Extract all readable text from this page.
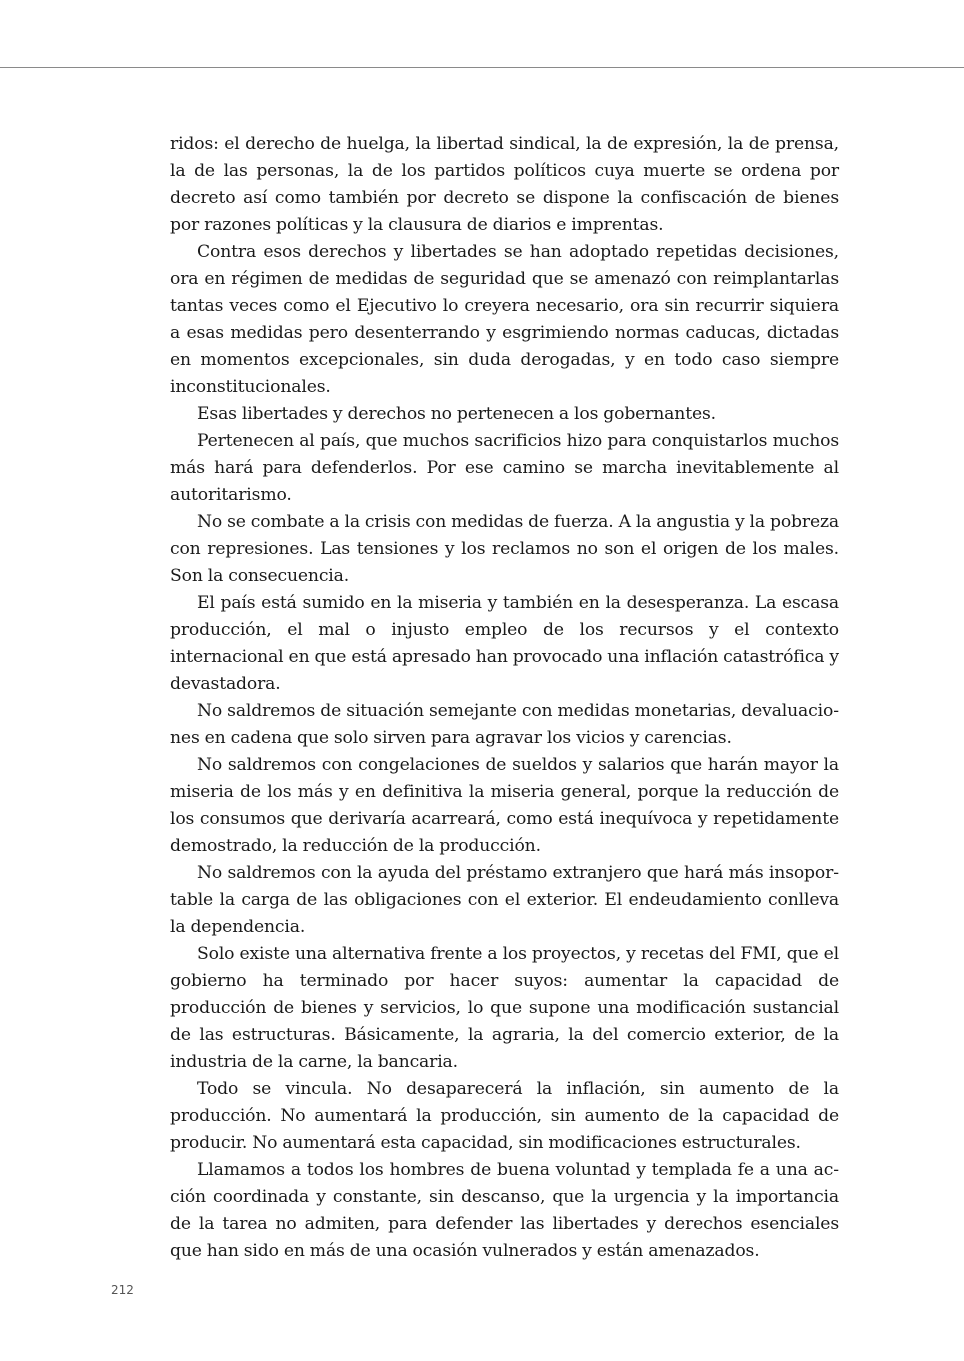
ridos: el derecho de huelga, la libertad sindical, la de expresión, la de prensa, la de las personas, la de los partidos políticos cuya muerte se ordena por decreto así como también por decreto se dispone la confiscación de bienes por razones políticas y la clausura de diarios e imprentas.

Contra esos derechos y libertades se han adoptado repetidas decisiones, ora en régimen de medidas de seguridad que se amenazó con reimplantarlas tantas veces como el Ejecutivo lo creyera necesario, ora sin recurrir siquiera a esas medidas pero desenterrando y esgrimiendo normas caducas, dictadas en momentos excepcionales, sin duda derogadas, y en todo caso siempre inconstitucionales.

Esas libertades y derechos no pertenecen a los gobernantes.

Pertenecen al país, que muchos sacrificios hizo para conquistarlos muchos más hará para defenderlos. Por ese camino se marcha inevitablemente al autoritarismo.

No se combate a la crisis con medidas de fuerza. A la angustia y la pobreza con represiones. Las tensiones y los reclamos no son el origen de los males. Son la consecuencia.

El país está sumido en la miseria y también en la desesperanza. La escasa producción, el mal o injusto empleo de los recursos y el contexto internacional en que está apresado han provocado una inflación catastrófica y devastadora.

No saldremos de situación semejante con medidas monetarias, devaluaciones en cadena que solo sirven para agravar los vicios y carencias.

No saldremos con congelaciones de sueldos y salarios que harán mayor la miseria de los más y en definitiva la miseria general, porque la reducción de los consumos que derivaría acarreará, como está inequívoca y repetidamente demostrado, la reducción de la producción.

No saldremos con la ayuda del préstamo extranjero que hará más insoportable la carga de las obligaciones con el exterior. El endeudamiento conlleva la dependencia.

Solo existe una alternativa frente a los proyectos, y recetas del FMI, que el gobierno ha terminado por hacer suyos: aumentar la capacidad de producción de bienes y servicios, lo que supone una modificación sustancial de las estructuras. Básicamente, la agraria, la del comercio exterior, de la industria de la carne, la bancaria.

Todo se vincula. No desaparecerá la inflación, sin aumento de la producción. No aumentará la producción, sin aumento de la capacidad de producir. No aumentará esta capacidad, sin modificaciones estructurales.

Llamamos a todos los hombres de buena voluntad y templada fe a una acción coordinada y constante, sin descanso, que la urgencia y la importancia de la tarea no admiten, para defender las libertades y derechos esenciales que han sido en más de una ocasión vulnerados y están amenazados.

212
